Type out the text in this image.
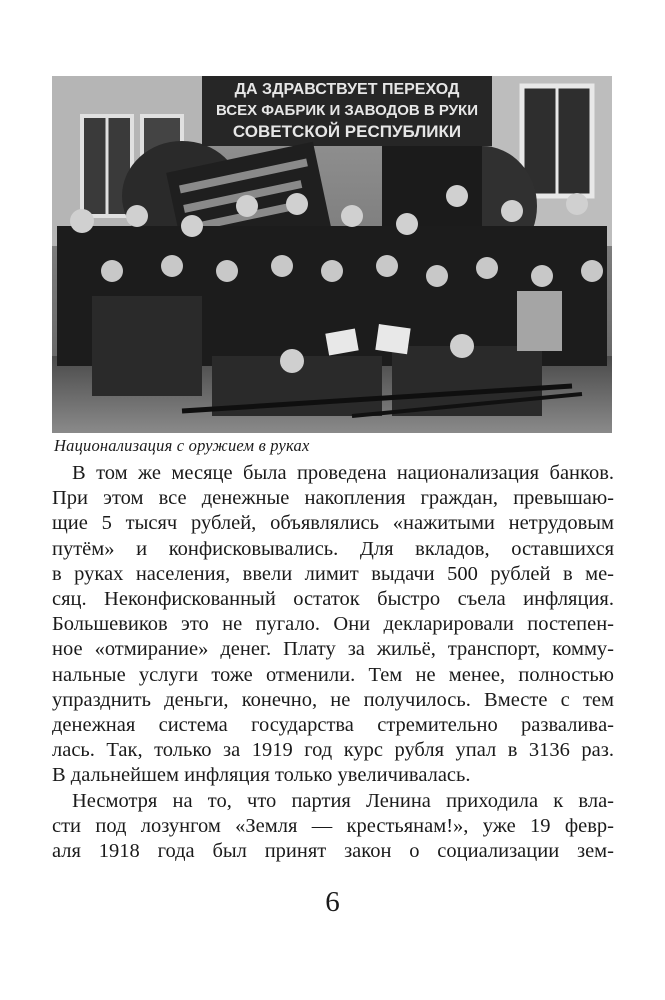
ДА ЗДРАВСТВУЕТ ПЕРЕХОД
ВСЕХ ФАБРИК И ЗАВОДОВ В РУКИ
СОВЕТСКОЙ РЕСПУБЛИКИ
Национализация с оружием в руках
В том же месяце была проведена национализация банков.
При этом все денежные накопления граждан, превышаю-
щие 5 тысяч рублей, объявлялись «нажитыми нетрудовым
путём» и конфисковывались. Для вкладов, оставшихся
в руках населения, ввели лимит выдачи 500 рублей в ме-
сяц. Неконфискованный остаток быстро съела инфляция.
Большевиков это не пугало. Они декларировали постепен-
ное «отмирание» денег. Плату за жильё, транспорт, комму-
нальные услуги тоже отменили. Тем не менее, полностью
упразднить деньги, конечно, не получилось. Вместе с тем
денежная система государства стремительно разваливa-
лась. Так, только за 1919 год курс рубля упал в 3136 раз.
В дальнейшем инфляция только увеличивалась.
Несмотря на то, что партия Ленина приходила к вла-
сти под лозунгом «Земля — крестьянам!», уже 19 февр-
аля 1918 года был принят закон о социализации зем-
6
